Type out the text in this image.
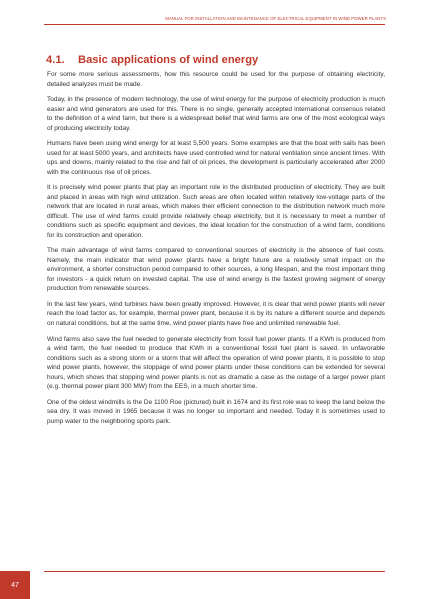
MANUAL FOR INSTALLATION AND MAINTENANCE OF ELECTRICAL EQUIPMENT IN WIND POWER PLANTS
4.1. Basic applications of wind energy

For some more serious assessments, how this resource could be used for the purpose of obtaining electricity, detailed analyzes must be made.

Today, in the presence of modern technology, the use of wind energy for the purpose of electricity production is much easier and wind generators are used for this. There is no single, generally accepted international consensus related to the definition of a wind farm, but there is a widespread belief that wind farms are one of the most ecological ways of producing electricity today.

Humans have been using wind energy for at least 5,500 years. Some examples are that the boat with sails has been used for at least 5000 years, and architects have used controlled wind for natural ventilation since ancient times. With ups and downs, mainly related to the rise and fall of oil prices, the development is particularly accelerated after 2000 with the continuous rise of oil prices.

It is precisely wind power plants that play an important role in the distributed production of electricity. They are built and placed in areas with high wind utilization. Such areas are often located within relatively low-voltage parts of the network that are located in rural areas, which makes their efficient connection to the distribution network much more difficult. The use of wind farms could provide relatively cheap electricity, but it is necessary to meet a number of conditions such as specific equipment and devices, the ideal location for the construction of a wind farm, conditions for its construction and operation.

The main advantage of wind farms compared to conventional sources of electricity is the absence of fuel costs. Namely, the main indicator that wind power plants have a bright future are a relatively small impact on the environment, a shorter construction period compared to other sources, a long lifespan, and the most important thing for investors - a quick return on invested capital. The use of wind energy is the fastest growing segment of energy production from renewable sources.

In the last few years, wind turbines have been greatly improved. However, it is clear that wind power plants will never reach the load factor as, for example, thermal power plant, because it is by its nature a different source and depends on natural conditions, but at the same time, wind power plants have free and unlimited renewable fuel.

Wind farms also save the fuel needed to generate electricity from fossil fuel power plants. If a KWh is produced from a wind farm, the fuel needed to produce that KWh in a conventional fossil fuel plant is saved. In unfavorable conditions such as a strong storm or a storm that will affect the operation of wind power plants, it is possible to stop wind power plants, however, the stoppage of wind power plants under these conditions can be extended for several hours, which shows that stopping wind power plants is not as dramatic a case as the outage of a larger power plant (e.g. thermal power plant 300 MW) from the EES, in a much shorter time.

One of the oldest windmills is the De 1100 Roe (pictured) built in 1674 and its first role was to keep the land below the sea dry. It was moved in 1965 because it was no longer so important and needed. Today it is sometimes used to pump water to the neighboring sports park.

47
